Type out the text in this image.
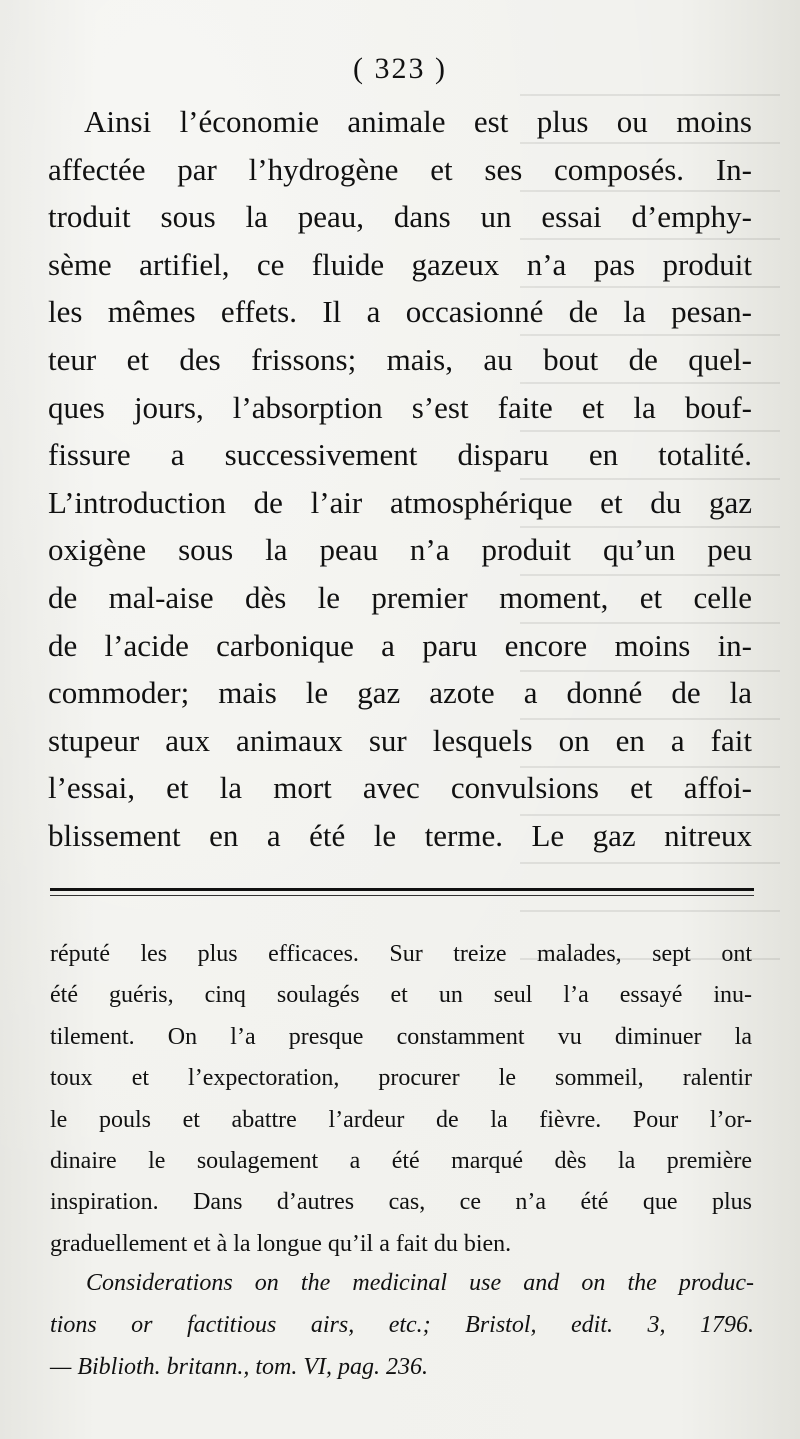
( 323 )
Ainsi l’économie animale est plus ou moins
affectée par l’hydrogène et ses composés. In-
troduit sous la peau, dans un essai d’emphy-
sème artifiel, ce fluide gazeux n’a pas produit
les mêmes effets. Il a occasionné de la pesan-
teur et des frissons; mais, au bout de quel-
ques jours, l’absorption s’est faite et la bouf-
fissure a successivement disparu en totalité.
L’introduction de l’air atmosphérique et du gaz
oxigène sous la peau n’a produit qu’un peu
de mal-aise dès le premier moment, et celle
de l’acide carbonique a paru encore moins in-
commoder; mais le gaz azote a donné de la
stupeur aux animaux sur lesquels on en a fait
l’essai, et la mort avec convulsions et affoi-
blissement en a été le terme. Le gaz nitreux
réputé les plus efficaces. Sur treize malades, sept ont
été guéris, cinq soulagés et un seul l’a essayé inu-
tilement. On l’a presque constamment vu diminuer la
toux et l’expectoration, procurer le sommeil, ralentir
le pouls et abattre l’ardeur de la fièvre. Pour l’or-
dinaire le soulagement a été marqué dès la première
inspiration. Dans d’autres cas, ce n’a été que plus
graduellement et à la longue qu’il a fait du bien.
Considerations on the medicinal use and on the produc-
tions or factitious airs, etc.; Bristol, edit. 3, 1796.
— Biblioth. britann., tom. VI, pag. 236.
